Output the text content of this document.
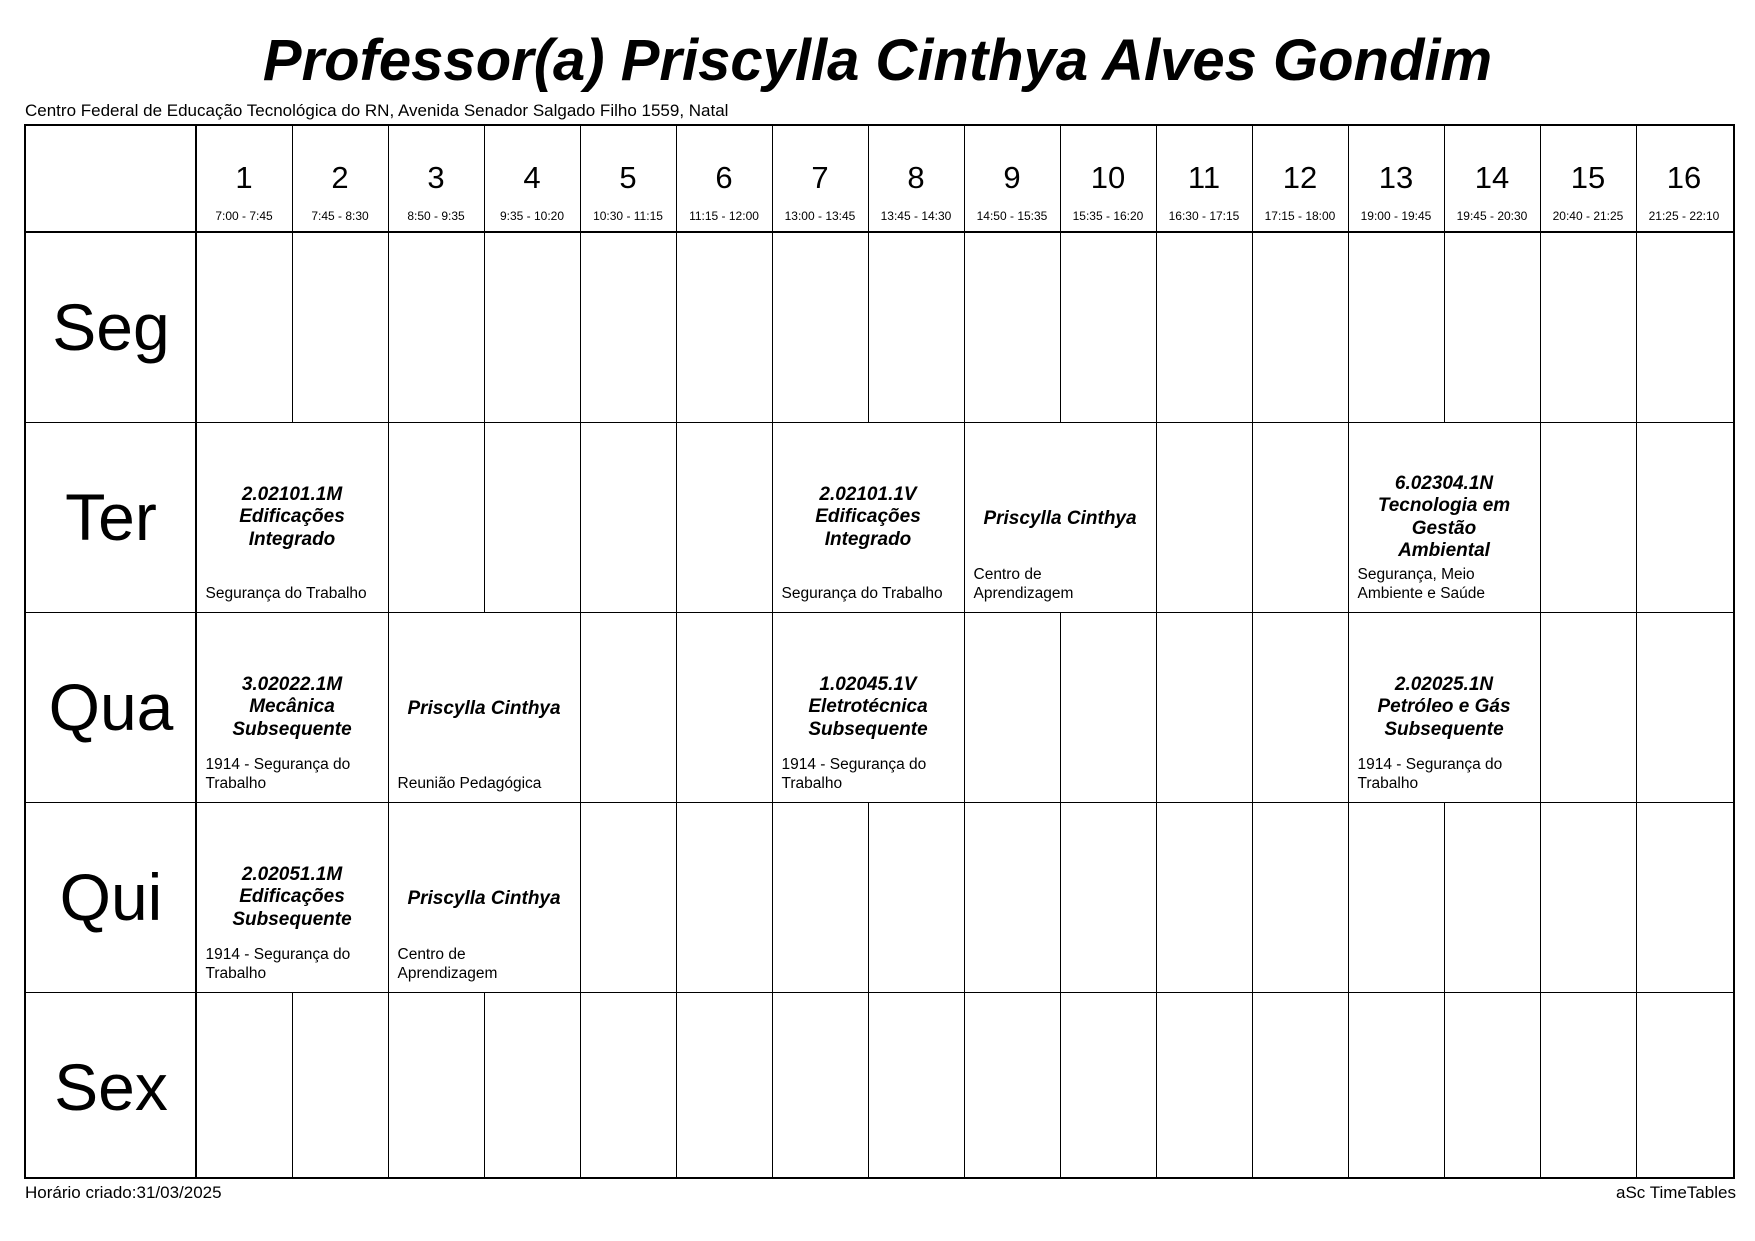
Professor(a) Priscylla Cinthya Alves Gondim
Centro Federal de Educação Tecnológica do RN, Avenida Senador Salgado Filho 1559, Natal
1
7:00 - 7:45
2
7:45 - 8:30
3
8:50 - 9:35
4
9:35 - 10:20
5
10:30 - 11:15
6
11:15 - 12:00
7
13:00 - 13:45
8
13:45 - 14:30
9
14:50 - 15:35
10
15:35 - 16:20
11
16:30 - 17:15
12
17:15 - 18:00
13
19:00 - 19:45
14
19:45 - 20:30
15
20:40 - 21:25
16
21:25 - 22:10
Seg
Ter
Qua
Qui
Sex
2.02101.1M
Edificações
Integrado
Segurança do Trabalho
2.02101.1V
Edificações
Integrado
Segurança do Trabalho
Priscylla Cinthya
Centro de
Aprendizagem
6.02304.1N
Tecnologia em
Gestão
Ambiental
Segurança, Meio
Ambiente e Saúde
3.02022.1M
Mecânica
Subsequente
1914 - Segurança do
Trabalho
Priscylla Cinthya
Reunião Pedagógica
1.02045.1V
Eletrotécnica
Subsequente
1914 - Segurança do
Trabalho
2.02025.1N
Petróleo e Gás
Subsequente
1914 - Segurança do
Trabalho
2.02051.1M
Edificações
Subsequente
1914 - Segurança do
Trabalho
Priscylla Cinthya
Centro de
Aprendizagem
Horário criado:31/03/2025	aSc TimeTables
